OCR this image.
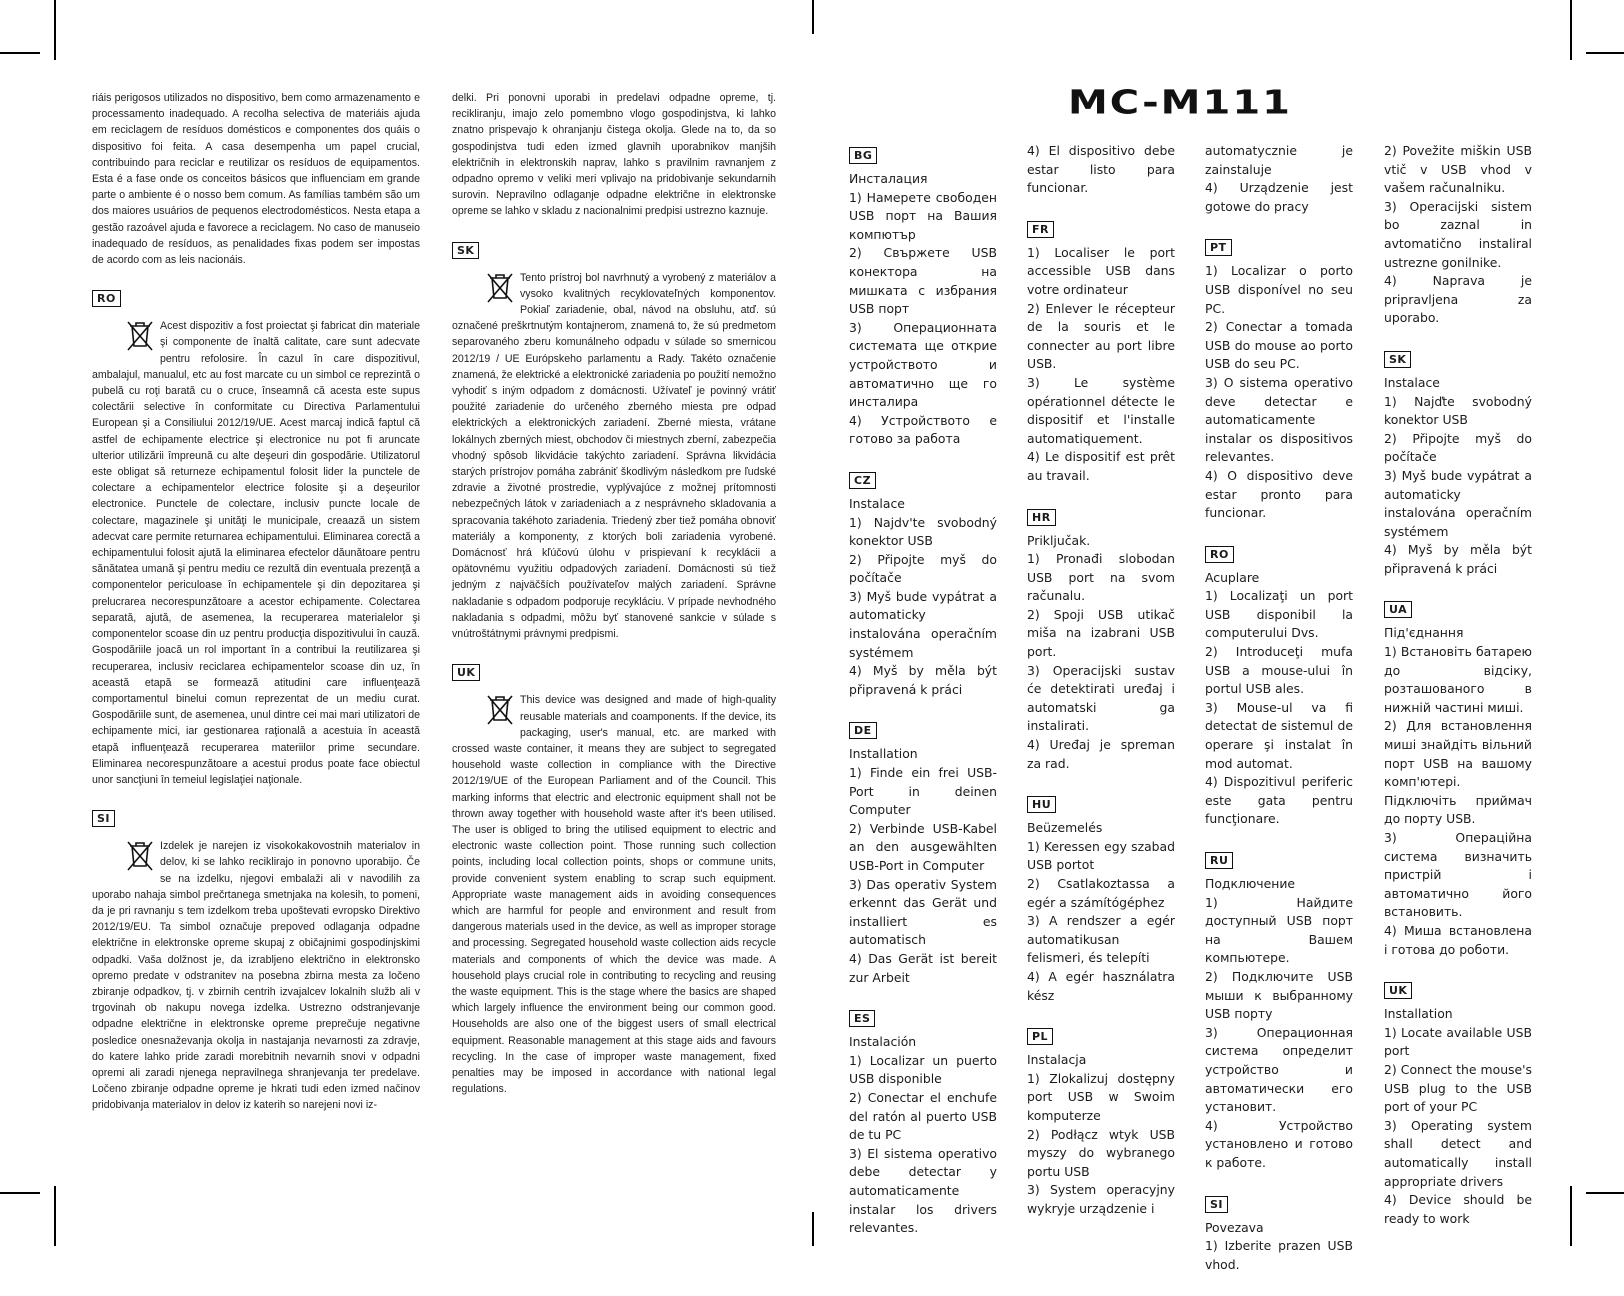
riáis perigosos utilizados no dispositivo, bem como armazenamento e processamento inadequado. A recolha selectiva de materiáis ajuda em reciclagem de resíduos domésticos e componentes dos quáis o dispositivo foi feita. A casa desempenha um papel crucial, contribuindo para reciclar e reutilizar os resíduos de equipamentos. Esta é a fase onde os conceitos básicos que influenciam em grande parte o ambiente é o nosso bem comum. As famílias também são um dos maiores usuários de pequenos electrodomésticos. Nesta etapa a gestão razoável ajuda e favorece a reciclagem. No caso de manuseio inadequado de resíduos, as penalidades fixas podem ser impostas de acordo com as leis nacionáis.

RO

Acest dispozitiv a fost proiectat şi fabricat din materiale şi componente de înaltă calitate, care sunt adecvate pentru refolosire. În cazul în care dispozitivul, ambalajul, manualul, etc au fost marcate cu un simbol ce reprezintă o pubelă cu roţi barată cu o cruce, înseamnă că acesta este supus colectării selective în conformitate cu Directiva Parlamentului European şi a Consiliului 2012/19/UE. Acest marcaj indică faptul că astfel de echipamente electrice şi electronice nu pot fi aruncate ulterior utilizării împreună cu alte deşeuri din gospodărie. Utilizatorul este obligat să returneze echipamentul folosit lider la punctele de colectare a echipamentelor electrice folosite şi a deşeurilor electronice. Punctele de colectare, inclusiv puncte locale de colectare, magazinele şi unităţi le municipale, creaază un sistem adecvat care permite returnarea echipamentului. Eliminarea corectă a echipamentului folosit ajută la eliminarea efectelor dăunătoare pentru sănătatea umană şi pentru mediu ce rezultă din eventuala prezenţă a componentelor periculoase în echipamentele şi din depozitarea şi prelucrarea necorespunzătoare a acestor echipamente. Colectarea separată, ajută, de asemenea, la recuperarea materialelor şi componentelor scoase din uz pentru producţia dispozitivului în cauză. Gospodăriile joacă un rol important în a contribui la reutilizarea şi recuperarea, inclusiv reciclarea echipamentelor scoase din uz, în această etapă se formează atitudini care influenţează comportamentul binelui comun reprezentat de un mediu curat. Gospodăriile sunt, de asemenea, unul dintre cei mai mari utilizatori de echipamente mici, iar gestionarea raţională a acestuia în această etapă influenţează recuperarea materiilor prime secundare. Eliminarea necorespunzătoare a acestui produs poate face obiectul unor sancţiuni în temeiul legislaţiei naţionale.

SI

Izdelek je narejen iz visokokakovostnih materialov in delov, ki se lahko reciklirajo in ponovno uporabijo. Če se na izdelku, njegovi embalaži ali v navodilih za uporabo nahaja simbol prečrtanega smetnjaka na kolesih, to pomeni, da je pri ravnanju s tem izdelkom treba upoštevati evropsko Direktivo 2012/19/EU. Ta simbol označuje prepoved odlaganja odpadne električne in elektronske opreme skupaj z običajnimi gospodinjskimi odpadki. Vaša dolžnost je, da izrabljeno električno in elektronsko opremo predate v odstranitev na posebna zbirna mesta za ločeno zbiranje odpadkov, tj. v zbirnih centrih izvajalcev lokalnih služb ali v trgovinah ob nakupu novega izdelka. Ustrezno odstranjevanje odpadne električne in elektronske opreme preprečuje negativne posledice onesnaževanja okolja in nastajanja nevarnosti za zdravje, do katere lahko pride zaradi morebitnih nevarnih snovi v odpadni opremi ali zaradi njenega nepravilnega shranjevanja ter predelave. Ločeno zbiranje odpadne opreme je hkrati tudi eden izmed načinov pridobivanja materialov in delov iz katerih so narejeni novi iz-

delki. Pri ponovni uporabi in predelavi odpadne opreme, tj. recikliranju, imajo zelo pomembno vlogo gospodinjstva, ki lahko znatno prispevajo k ohranjanju čistega okolja. Glede na to, da so gospodinjstva tudi eden izmed glavnih uporabnikov manjših električnih in elektronskih naprav, lahko s pravilnim ravnanjem z odpadno opremo v veliki meri vplivajo na pridobivanje sekundarnih surovin. Nepravilno odlaganje odpadne električne in elektronske opreme se lahko v skladu z nacionalnimi predpisi ustrezno kaznuje.

SK

Tento prístroj bol navrhnutý a vyrobený z materiálov a vysoko kvalitných recyklovateľných komponentov. Pokiaľ zariadenie, obal, návod na obsluhu, atď. sú označené preškrtnutým kontajnerom, znamená to, že sú predmetom separovaného zberu komunálneho odpadu v súlade so smernicou 2012/19 / UE Európskeho parlamentu a Rady. Takéto označenie znamená, že elektrické a elektronické zariadenia po použití nemožno vyhodiť s iným odpadom z domácnosti. Užívateľ je povinný vrátiť použité zariadenie do určeného zberného miesta pre odpad elektrických a elektronických zariadení. Zberné miesta, vrátane lokálnych zberných miest, obchodov či miestnych zberní, zabezpečia vhodný spôsob likvidácie takýchto zariadení. Správna likvidácia starých prístrojov pomáha zabrániť škodlivým následkom pre ľudské zdravie a životné prostredie, vyplývajúce z možnej prítomnosti nebezpečných látok v zariadeniach a z nesprávneho skladovania a spracovania takéhoto zariadenia. Triedený zber tiež pomáha obnoviť materiály a komponenty, z ktorých boli zariadenia vyrobené. Domácnosť hrá kľúčovú úlohu v prispievaní k recyklácii a opätovnému využitiu odpadových zariadení. Domácnosti sú tiež jedným z najväčších používateľov malých zariadení. Správne nakladanie s odpadom podporuje recykláciu. V prípade nevhodného nakladania s odpadmi, môžu byť stanovené sankcie v súlade s vnútroštátnymi právnymi predpismi.

UK

This device was designed and made of high-quality reusable materials and coamponents. If the device, its packaging, user's manual, etc. are marked with crossed waste container, it means they are subject to segregated household waste collection in compliance with the Directive 2012/19/UE of the European Parliament and of the Council. This marking informs that electric and electronic equipment shall not be thrown away together with household waste after it's been utilised. The user is obliged to bring the utilised equipment to electric and electronic waste collection point. Those running such collection points, including local collection points, shops or commune units, provide convenient system enabling to scrap such equipment. Appropriate waste management aids in avoiding consequences which are harmful for people and environment and result from dangerous materials used in the device, as well as improper storage and processing. Segregated household waste collection aids recycle materials and components of which the device was made. A household plays crucial role in contributing to recycling and reusing the waste equipment. This is the stage where the basics are shaped which largely influence the environment being our common good. Households are also one of the biggest users of small electrical equipment. Reasonable management at this stage aids and favours recycling. In the case of improper waste management, fixed penalties may be imposed in accordance with national legal regulations.

MC-M111
BG
Инсталация
1) Намерете свободен USB порт на Вашия компютър
2) Свържете USB конектора на мишката с избрания USB порт
3) Операционната системата ще открие устройството и автоматично ще го инсталира
4) Устройството е готово за работа
CZ
Instalace
1) Najdv'te svobodný konektor USB
2) Připojte myš do počítače
3) Myš bude vypátrat a automaticky instalována operačním systémem
4) Myš by měla být připravená k práci
DE
Installation
1) Finde ein frei USB-Port in deinen Computer
2) Verbinde USB-Kabel an den ausgewählten USB-Port in Computer
3) Das operativ System erkennt das Gerät und installiert es automatisch
4) Das Gerät ist bereit zur Arbeit
ES
Instalación
1) Localizar un puerto USB disponible
2) Conectar el enchufe del ratón al puerto USB de tu PC
3) El sistema operativo debe detectar y automaticamente instalar los drivers relevantes.
4) El dispositivo debe estar listo para funcionar.
FR
1) Localiser le port accessible USB dans votre ordinateur
2) Enlever le récepteur de la souris et le connecter au port libre USB.
3) Le système opérationnel détecte le dispositif et l'installe automatiquement.
4) Le dispositif est prêt au travail.
HR
Priključak.
1) Pronađi slobodan USB port na svom računalu.
2) Spoji USB utikač miša na izabrani USB port.
3) Operacijski sustav će detektirati uređaj i automatski ga instalirati.
4) Uređaj je spreman za rad.
HU
Beüzemelés
1) Keressen egy szabad USB portot
2) Csatlakoztassa a egér a számítógéphez
3) A rendszer a egér automatikusan felismeri, és telepíti
4) A egér használatra kész
PL
Instalacja
1) Zlokalizuj dostępny port USB w Swoim komputerze
2) Podłącz wtyk USB myszy do wybranego portu USB
3) System operacyjny wykryje urządzenie i
automatycznie je zainstaluje
4) Urządzenie jest gotowe do pracy
PT
1) Localizar o porto USB disponível no seu PC.
2) Conectar a tomada USB do mouse ao porto USB do seu PC.
3) O sistema operativo deve detectar e automaticamente instalar os dispositivos relevantes.
4) O dispositivo deve estar pronto para funcionar.
RO
Acuplare
1) Localizaţi un port USB disponibil la computerului Dvs.
2) Introduceţi mufa USB a mouse-ului în portul USB ales.
3) Mouse-ul va fi detectat de sistemul de operare şi instalat în mod automat.
4) Dispozitivul periferic este gata pentru funcţionare.
RU
Подключение
1) Найдите доступный USB порт на Вашем компьютере.
2) Подключите USB мыши к выбранному USB порту
3) Операционная система определит устройство и автоматически его установит.
4) Устройство установлено и готово к работе.
SI
Povezava
1) Izberite prazen USB vhod.
2) Povežite miškin USB vtič v USB vhod v vašem računalniku.
3) Operacijski sistem bo zaznal in avtomatično instaliral ustrezne gonilnike.
4) Naprava je pripravljena za uporabo.
SK
Instalace
1) Najďte svobodný konektor USB
2) Připojte myš do počítače
3) Myš bude vypátrat a automaticky instalována operačním systémem
4) Myš by měla být připravená k práci
UA
Під'єднання
1) Встановіть батарею до відсіку, розташованого в нижній частині миші.
2) Для встановлення миші знайдіть вільний порт USB на вашому комп'ютері. Підключіть приймач до порту USB.
3) Операційна система визначить пристрій і автоматично його встановить.
4) Миша встановлена і готова до роботи.
UK
Installation
1) Locate available USB port
2) Connect the mouse's USB plug to the USB port of your PC
3) Operating system shall detect and automatically install appropriate drivers
4) Device should be ready to work
